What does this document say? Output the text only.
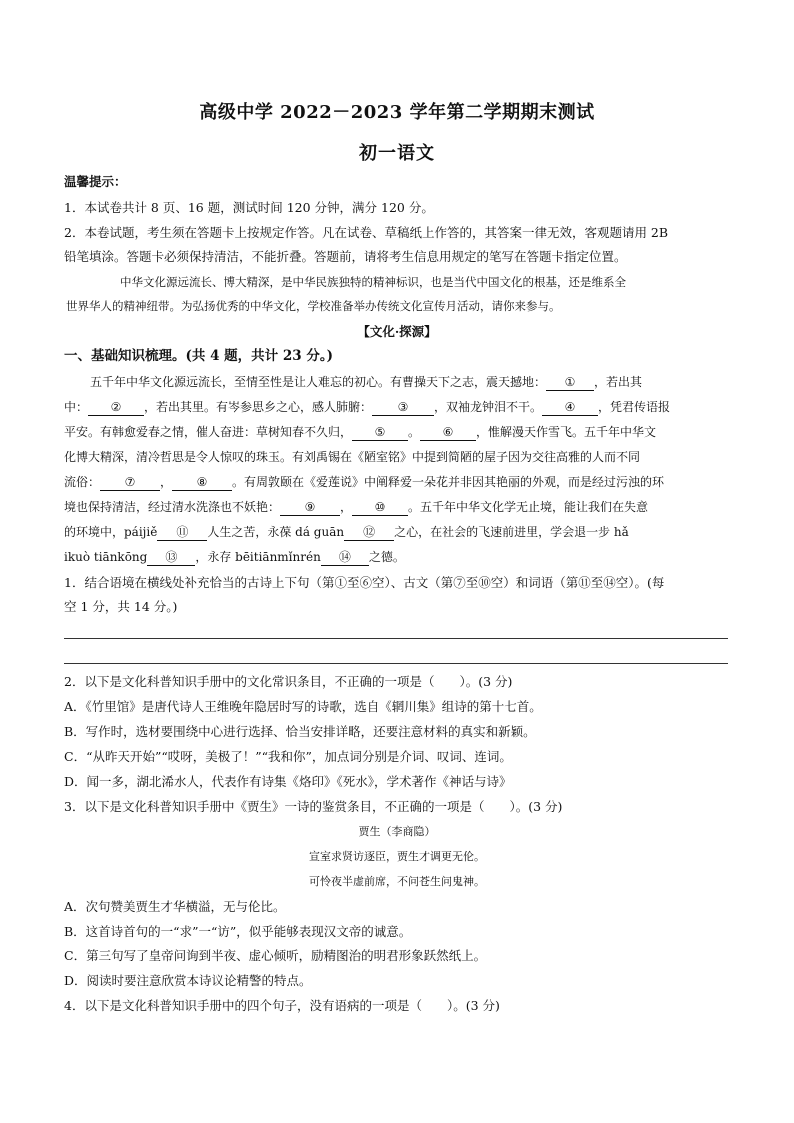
高级中学 2022－2023 学年第二学期期末测试
初一语文
温馨提示：
1．本试卷共计 8 页、16 题，测试时间 120 分钟，满分 120 分。
2．本卷试题，考生须在答题卡上按规定作答。凡在试卷、草稿纸上作答的，其答案一律无效，客观题请用 2B
铅笔填涂。答题卡必须保持清洁，不能折叠。答题前，请将考生信息用规定的笔写在答题卡指定位置。
中华文化源远流长、博大精深，是中华民族独特的精神标识，也是当代中国文化的根基，还是维系全
世界华人的精神纽带。为弘扬优秀的中华文化，学校准备举办传统文化宣传月活动，请你来参与。
【文化·探源】
一、基础知识梳理。(共 4 题，共计 23 分。)
五千年中华文化源远流长，至情至性是让人难忘的初心。有曹操天下之志，震天撼地： ① ，若出其
中： ② ，若出其里。有岑参思乡之心，感人肺腑： ③ ，双袖龙钟泪不干。 ④ ，凭君传语报
平安。有韩愈爱春之情，催人奋进：草树知春不久归， ⑤ 。 ⑥ ，惟解漫天作雪飞。五千年中华文
化博大精深，清冷哲思是令人惊叹的珠玉。有刘禹锡在《陋室铭》中提到简陋的屋子因为交往高雅的人而不同
流俗： ⑦ ， ⑧ 。有周敦颐在《爱莲说》中阐释爱一朵花并非因其艳丽的外观，而是经过污浊的环
境也保持清洁，经过清水洗涤也不妖艳： ⑨ ， ⑩ 。五千年中华文化学无止境，能让我们在失意
的环境中，páijiě ⑪ 人生之苦，永葆 dá guān ⑫ 之心，在社会的飞速前进里，学会退一步 hǎ
ikuò tiānkōng ⑬ ，永存 bēitiānmǐnrén ⑭ 之德。
1．结合语境在横线处补充恰当的古诗上下句（第①至⑥空）、古文（第⑦至⑩空）和词语（第⑪至⑭空）。(每
空 1 分，共 14 分。)
2．以下是文化科普知识手册中的文化常识条目，不正确的一项是（　　）。(3 分)
A．《竹里馆》是唐代诗人王维晚年隐居时写的诗歌，选自《辋川集》组诗的第十七首。
B．写作时，选材要围绕中心进行选择、恰当安排详略，还要注意材料的真实和新颖。
C．“从昨天开始”“哎呀，美极了！”“我和你”，加点词分别是介词、叹词、连词。
D．闻一多，湖北浠水人，代表作有诗集《烙印》《死水》，学术著作《神话与诗》
3．以下是文化科普知识手册中《贾生》一诗的鉴赏条目，不正确的一项是（　　）。(3 分)
贾生（李商隐）
宣室求贤访逐臣，贾生才调更无伦。
可怜夜半虚前席，不问苍生问鬼神。
A．次句赞美贾生才华横溢，无与伦比。
B．这首诗首句的一“求”一“访”，似乎能够表现汉文帝的诚意。
C．第三句写了皇帝问询到半夜、虚心倾听，励精图治的明君形象跃然纸上。
D．阅读时要注意欣赏本诗议论精警的特点。
4．以下是文化科普知识手册中的四个句子，没有语病的一项是（　　）。(3 分)
